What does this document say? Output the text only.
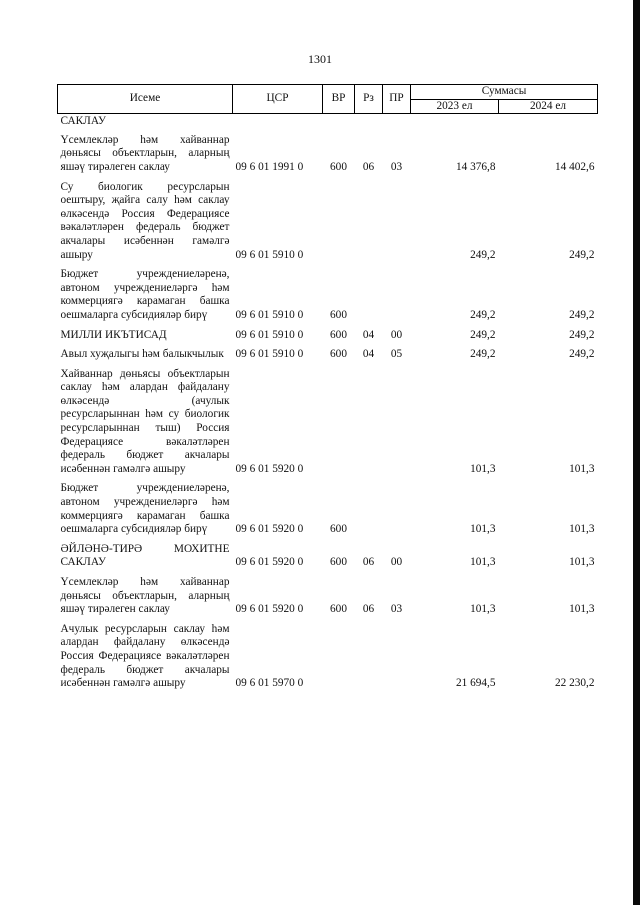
1301
Исеме	ЦСР	ВР	Рз	ПР	Суммасы	
					2023 ел	2024 ел
САКЛАУ						
Үсемлекләр һәм хайваннар дөньясы объектларын, аларның яшәү тирәлеген саклау	09 6 01 1991 0	600	06	03	14 376,8	14 402,6
Су биологик ресурсларын оештыру, җайга салу һәм саклау өлкәсендә Россия Федерациясе вәкаләтләрен федераль бюджет акчалары исәбеннән гамәлгә ашыру	09 6 01 5910 0				249,2	249,2
Бюджет учреждениеләренә, автоном учреждениеләргә һәм коммерциягә карамаган башка оешмаларга субсидияләр бирү	09 6 01 5910 0	600			249,2	249,2
МИЛЛИ ИКЪТИСАД	09 6 01 5910 0	600	04	00	249,2	249,2
Авыл хуҗалыгы һәм балыкчылык	09 6 01 5910 0	600	04	05	249,2	249,2
Хайваннар дөньясы объектларын саклау һәм алардан файдалану өлкәсендә (ачулык ресурсларыннан һәм су биологик ресурсларыннан тыш) Россия Федерациясе вәкаләтләрен федераль бюджет акчалары исәбеннән гамәлгә ашыру	09 6 01 5920 0				101,3	101,3
Бюджет учреждениеләренә, автоном учреждениеләргә һәм коммерциягә карамаган башка оешмаларга субсидияләр бирү	09 6 01 5920 0	600			101,3	101,3
ӘЙЛӘНӘ-ТИРӘ МОХИТНЕ САКЛАУ	09 6 01 5920 0	600	06	00	101,3	101,3
Үсемлекләр һәм хайваннар дөньясы объектларын, аларның яшәү тирәлеген саклау	09 6 01 5920 0	600	06	03	101,3	101,3
Ачулык ресурсларын саклау һәм алардан файдалану өлкәсендә Россия Федерациясе вәкаләтләрен федераль бюджет акчалары исәбеннән гамәлгә ашыру	09 6 01 5970 0				21 694,5	22 230,2
